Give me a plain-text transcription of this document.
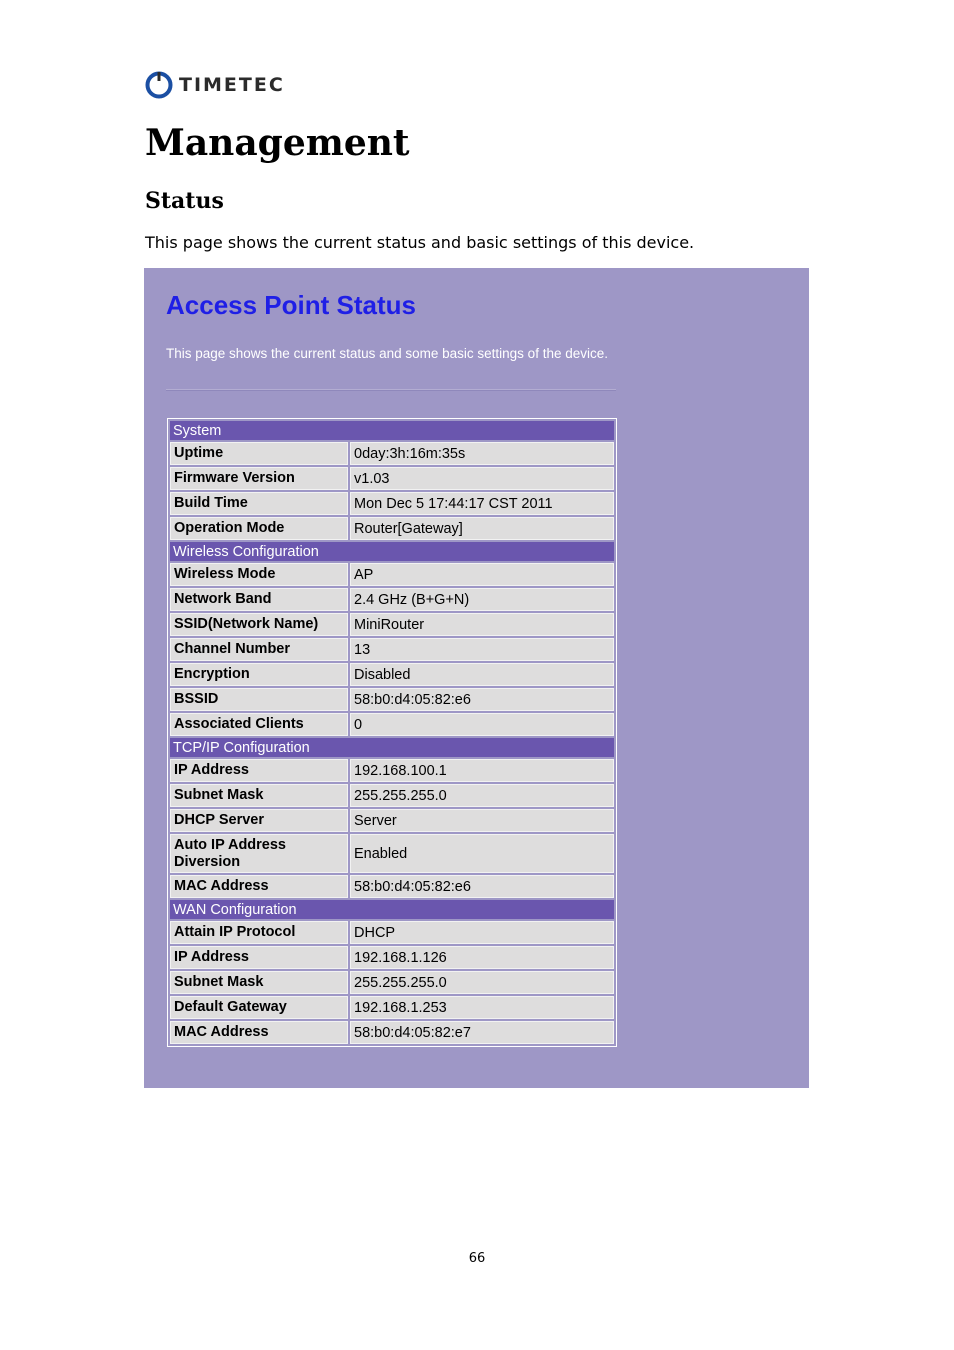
TIMETEC
Management
Status

This page shows the current status and basic settings of this device.

Access Point Status

This page shows the current status and some basic settings of the device.

System	
Uptime	0day:3h:16m:35s
Firmware Version	v1.03
Build Time	Mon Dec 5 17:44:17 CST 2011
Operation Mode	Router[Gateway]
Wireless Configuration	
Wireless Mode	AP
Network Band	2.4 GHz (B+G+N)
SSID(Network Name)	MiniRouter
Channel Number	13
Encryption	Disabled
BSSID	58:b0:d4:05:82:e6
Associated Clients	0
TCP/IP Configuration	
IP Address	192.168.100.1
Subnet Mask	255.255.255.0
DHCP Server	Server
Auto IP Address Diversion	Enabled
MAC Address	58:b0:d4:05:82:e6
WAN Configuration	
Attain IP Protocol	DHCP
IP Address	192.168.1.126
Subnet Mask	255.255.255.0
Default Gateway	192.168.1.253
MAC Address	58:b0:d4:05:82:e7
66
